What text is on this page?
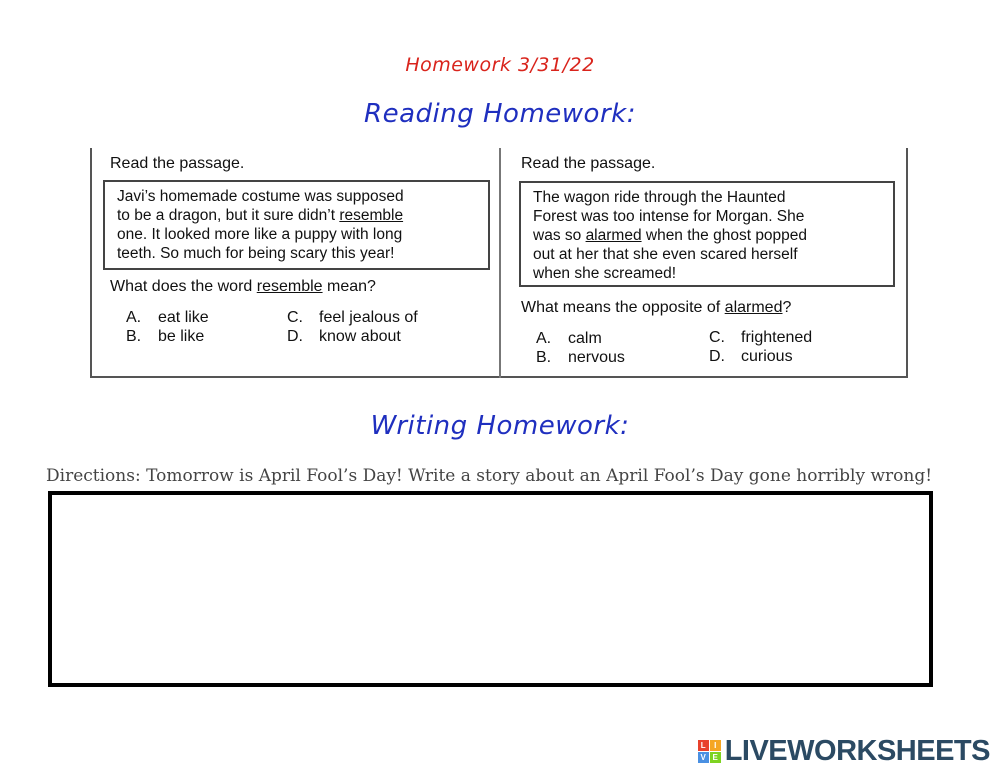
Homework 3/31/22
Reading Homework:
Read the passage.
Javi’s homemade costume was supposed
to be a dragon, but it sure didn’t resemble
one. It looked more like a puppy with long
teeth. So much for being scary this year!
What does the word resemble mean?
A. eat like
B. be like
C. feel jealous of
D. know about
Read the passage.
The wagon ride through the Haunted
Forest was too intense for Morgan. She
was so alarmed when the ghost popped
out at her that she even scared herself
when she screamed!
What means the opposite of alarmed?
A. calm
B. nervous
C. frightened
D. curious
Writing Homework:
Directions: Tomorrow is April Fool’s Day! Write a story about an April Fool’s Day gone horribly wrong!
L	I
V E LIVEWORKSHEETS
